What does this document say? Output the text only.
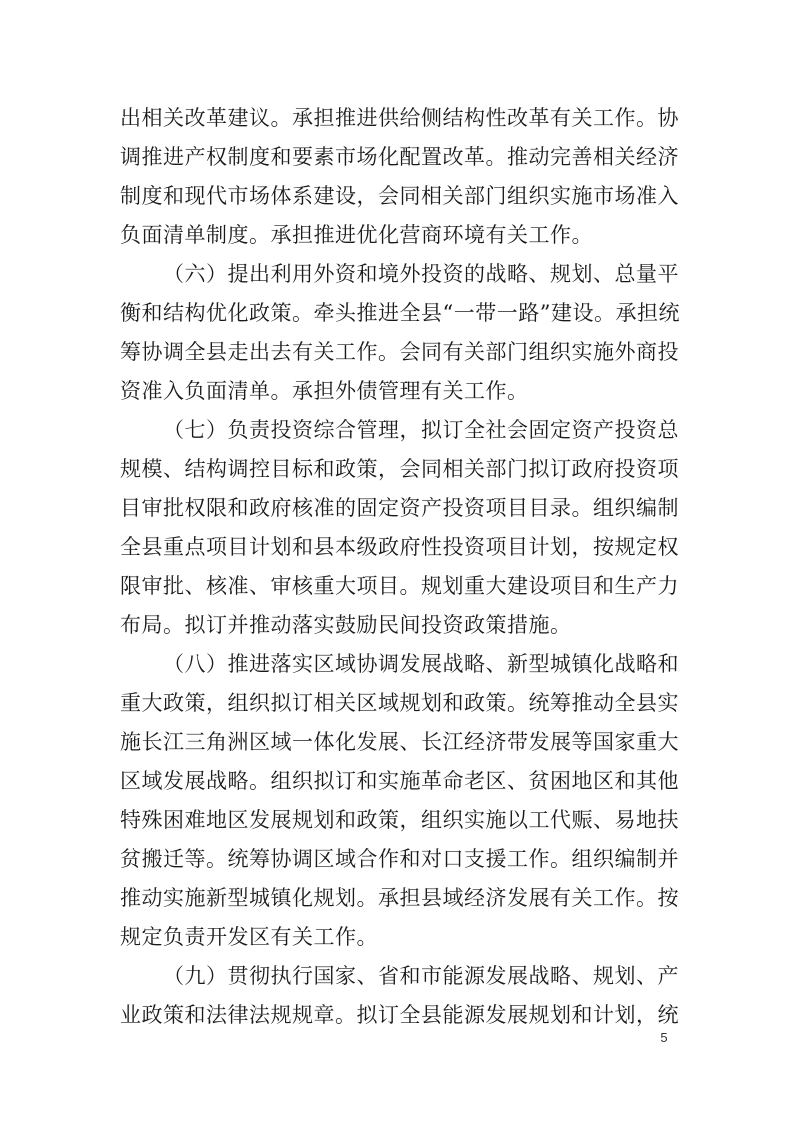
出相关改革建议。承担推进供给侧结构性改革有关工作。协
调推进产权制度和要素市场化配置改革。推动完善相关经济
制度和现代市场体系建设，会同相关部门组织实施市场准入
负面清单制度。承担推进优化营商环境有关工作。
（六）提出利用外资和境外投资的战略、规划、总量平
衡和结构优化政策。牵头推进全县“一带一路”建设。承担统
筹协调全县走出去有关工作。会同有关部门组织实施外商投
资准入负面清单。承担外债管理有关工作。
（七）负责投资综合管理，拟订全社会固定资产投资总
规模、结构调控目标和政策，会同相关部门拟订政府投资项
目审批权限和政府核准的固定资产投资项目目录。组织编制
全县重点项目计划和县本级政府性投资项目计划，按规定权
限审批、核准、审核重大项目。规划重大建设项目和生产力
布局。拟订并推动落实鼓励民间投资政策措施。
（八）推进落实区域协调发展战略、新型城镇化战略和
重大政策，组织拟订相关区域规划和政策。统筹推动全县实
施长江三角洲区域一体化发展、长江经济带发展等国家重大
区域发展战略。组织拟订和实施革命老区、贫困地区和其他
特殊困难地区发展规划和政策，组织实施以工代赈、易地扶
贫搬迁等。统筹协调区域合作和对口支援工作。组织编制并
推动实施新型城镇化规划。承担县域经济发展有关工作。按
规定负责开发区有关工作。
（九）贯彻执行国家、省和市能源发展战略、规划、产
业政策和法律法规规章。拟订全县能源发展规划和计划，统
5
